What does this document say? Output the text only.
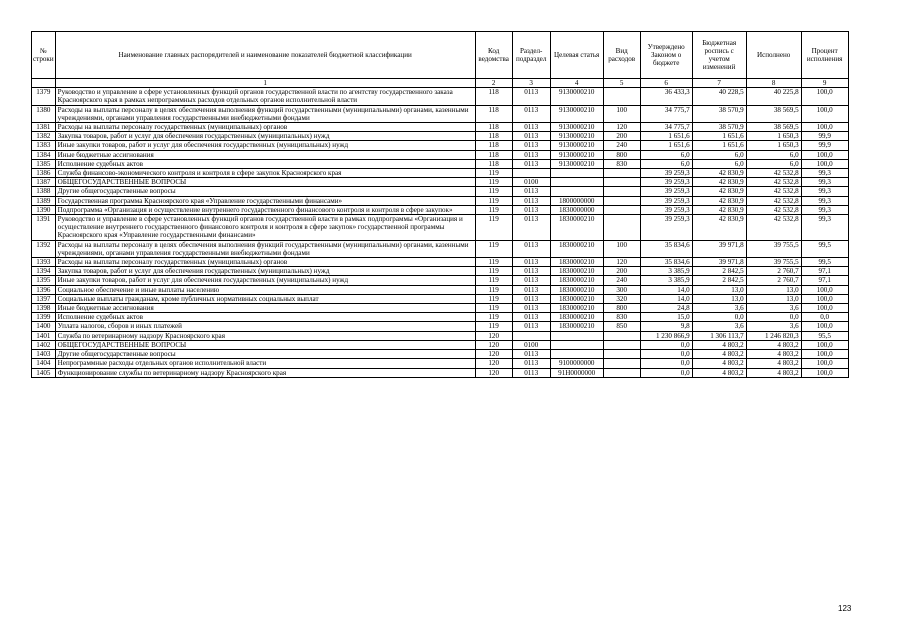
№ строки	Наименование главных распорядителей и наименование показателей бюджетной классификации	Код ведомства	Раздел-подраздел	Целевая статья	Вид расходов	Утверждено Законом о бюджете	Бюджетная роспись с учетом изменений	Исполнено	Процент исполнения
	1	2	3	4	5	6	7	8	9
1379	Руководство и управление в сфере установленных функций органов государственной власти по агентству государственного заказа Красноярского края в рамках непрограммных расходов отдельных органов исполнительной власти	118	0113	9130000210		36 433,3	40 228,5	40 225,8	100,0
1380	Расходы на выплаты персоналу в целях обеспечения выполнения функций государственными (муниципальными) органами, казенными учреждениями, органами управления государственными внебюджетными фондами	118	0113	9130000210	100	34 775,7	38 570,9	38 569,5	100,0
1381	Расходы на выплаты персоналу государственных (муниципальных) органов	118	0113	9130000210	120	34 775,7	38 570,9	38 569,5	100,0
1382	Закупка товаров, работ и услуг для обеспечения государственных (муниципальных) нужд	118	0113	9130000210	200	1 651,6	1 651,6	1 650,3	99,9
1383	Иные закупки товаров, работ и услуг для обеспечения государственных (муниципальных) нужд	118	0113	9130000210	240	1 651,6	1 651,6	1 650,3	99,9
1384	Иные бюджетные ассигнования	118	0113	9130000210	800	6,0	6,0	6,0	100,0
1385	Исполнение судебных актов	118	0113	9130000210	830	6,0	6,0	6,0	100,0
1386	Служба финансово-экономического контроля и контроля в сфере закупок Красноярского края	119				39 259,3	42 830,9	42 532,8	99,3
1387	ОБЩЕГОСУДАРСТВЕННЫЕ ВОПРОСЫ	119	0100			39 259,3	42 830,9	42 532,8	99,3
1388	Другие общегосударственные вопросы	119	0113			39 259,3	42 830,9	42 532,8	99,3
1389	Государственная программа Красноярского края «Управление государственными финансами»	119	0113	1800000000		39 259,3	42 830,9	42 532,8	99,3
1390	Подпрограмма «Организация и осуществление внутреннего государственного финансового контроля и контроля в сфере закупок»	119	0113	1830000000		39 259,3	42 830,9	42 532,8	99,3
1391	Руководство и управление в сфере установленных функций органов государственной власти в рамках подпрограммы «Организация и осуществление внутреннего государственного финансового контроля и контроля в сфере закупок» государственной программы Красноярского края «Управление государственными финансами»	119	0113	1830000210		39 259,3	42 830,9	42 532,8	99,3
1392	Расходы на выплаты персоналу в целях обеспечения выполнения функций государственными (муниципальными) органами, казенными учреждениями, органами управления государственными внебюджетными фондами	119	0113	1830000210	100	35 834,6	39 971,8	39 755,5	99,5
1393	Расходы на выплаты персоналу государственных (муниципальных) органов	119	0113	1830000210	120	35 834,6	39 971,8	39 755,5	99,5
1394	Закупка товаров, работ и услуг для обеспечения государственных (муниципальных) нужд	119	0113	1830000210	200	3 385,9	2 842,5	2 760,7	97,1
1395	Иные закупки товаров, работ и услуг для обеспечения государственных (муниципальных) нужд	119	0113	1830000210	240	3 385,9	2 842,5	2 760,7	97,1
1396	Социальное обеспечение и иные выплаты населению	119	0113	1830000210	300	14,0	13,0	13,0	100,0
1397	Социальные выплаты гражданам, кроме публичных нормативных социальных выплат	119	0113	1830000210	320	14,0	13,0	13,0	100,0
1398	Иные бюджетные ассигнования	119	0113	1830000210	800	24,8	3,6	3,6	100,0
1399	Исполнение судебных актов	119	0113	1830000210	830	15,0	0,0	0,0	0,0
1400	Уплата налогов, сборов и иных платежей	119	0113	1830000210	850	9,8	3,6	3,6	100,0
1401	Служба по ветеринарному надзору Красноярского края	120				1 230 866,9	1 306 113,7	1 246 820,3	95,5
1402	ОБЩЕГОСУДАРСТВЕННЫЕ ВОПРОСЫ	120	0100			0,0	4 803,2	4 803,2	100,0
1403	Другие общегосударственные вопросы	120	0113			0,0	4 803,2	4 803,2	100,0
1404	Непрограммные расходы отдельных органов исполнительной власти	120	0113	9100000000		0,0	4 803,2	4 803,2	100,0
1405	Функционирование службы по ветеринарному надзору Красноярского края	120	0113	91Н0000000		0,0	4 803,2	4 803,2	100,0
123
